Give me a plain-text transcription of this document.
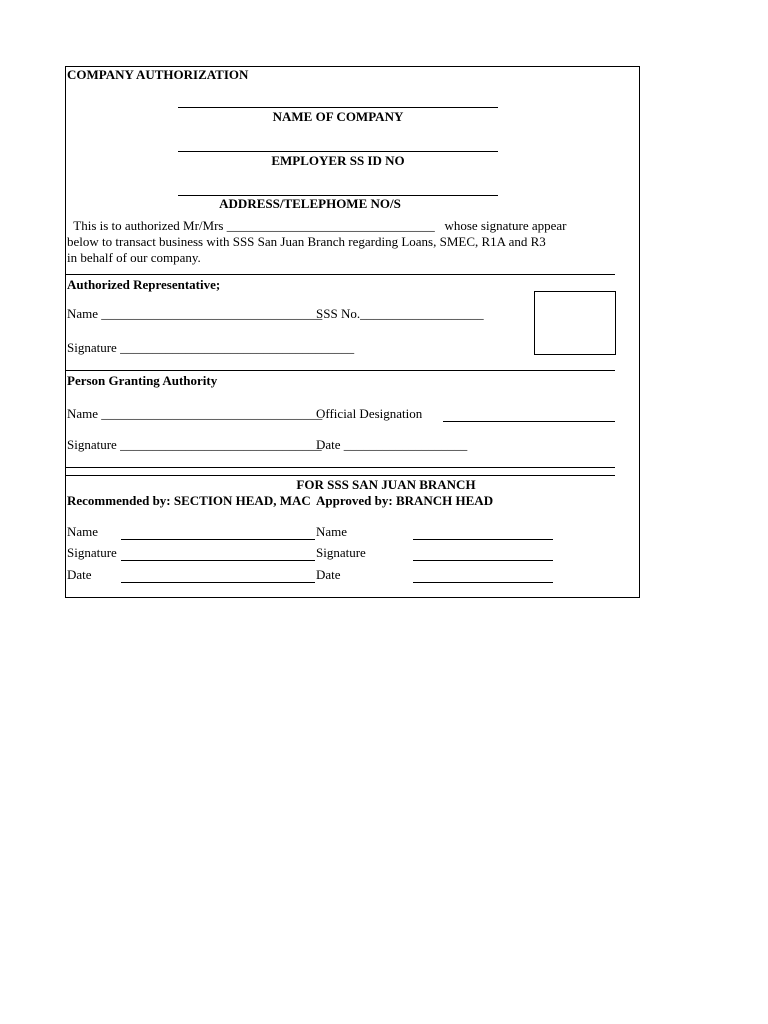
COMPANY AUTHORIZATION
NAME OF COMPANY
EMPLOYER SS ID NO
ADDRESS/TELEPHOME NO/S
This is to authorized Mr/Mrs ________________________________   whose signature appear
below to transact business with SSS San Juan Branch regarding Loans, SMEC, R1A and R3
in behalf of our company.
Authorized Representative;
Name __________________________________
SSS No.___________________
Signature ____________________________________
Person Granting Authority
Name __________________________________
Official Designation
Signature _______________________________
Date ___________________
FOR SSS SAN JUAN BRANCH
Recommended by: SECTION HEAD, MAC Approved by: BRANCH HEAD
Name
Signature
Date
Name
Signature
Date
